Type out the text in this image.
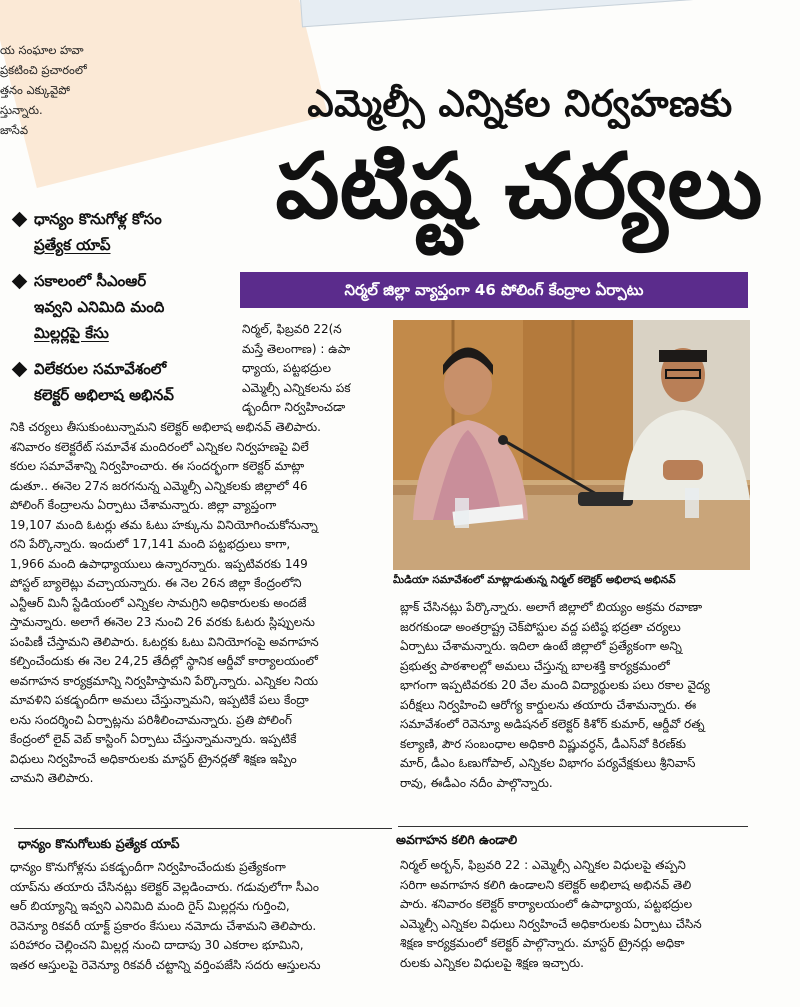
య సంఘాల హవా
ప్రకటించి ప్రచారంలో
త్తనం ఎక్కువైపో
స్తున్నారు.
జాసేవ
ఎమ్మెల్సీ ఎన్నికల నిర్వహణకు
పటిష్ట చర్యలు
ధాన్యం కొనుగోళ్ల కోసం
ప్రత్యేక యాప్
సకాలంలో సీఎంఆర్
ఇవ్వని ఎనిమిది మంది
మిల్లర్లపై కేసు
విలేకరుల సమావేశంలో
కలెక్టర్ అభిలాష అభినవ్
నిర్మల్ జిల్లా వ్యాప్తంగా 46 పోలింగ్ కేంద్రాల ఏర్పాటు
నిర్మల్, ఫిబ్రవరి 22(న
మస్తే తెలంగాణ) : ఉపా
ధ్యాయ, పట్టభద్రుల
ఎమ్మెల్సీ ఎన్నికలను పక
డ్బందీగా నిర్వహించడా
మీడియా సమావేశంలో మాట్లాడుతున్న నిర్మల్ కలెక్టర్ అభిలాష అభినవ్
నికి చర్యలు తీసుకుంటున్నామని కలెక్టర్ అభిలాష అభినవ్ తెలిపారు.
శనివారం కలెక్టరేట్ సమావేశ మందిరంలో ఎన్నికల నిర్వహణపై విలే
కరుల సమావేశాన్ని నిర్వహించారు. ఈ సందర్భంగా కలెక్టర్ మాట్లా
డుతూ.. ఈనెల 27న జరగనున్న ఎమ్మెల్సీ ఎన్నికలకు జిల్లాలో 46
పోలింగ్ కేంద్రాలను ఏర్పాటు చేశామన్నారు. జిల్లా వ్యాప్తంగా
19,107 మంది ఓటర్లు తమ ఓటు హక్కును వినియోగించుకోనున్నా
రని పేర్కొన్నారు. ఇందులో 17,141 మంది పట్టభద్రులు కాగా,
1,966 మంది ఉపాధ్యాయులు ఉన్నారన్నారు. ఇప్పటివరకు 149
పోస్టల్ బ్యాలెట్లు వచ్చాయన్నారు. ఈ నెల 26న జిల్లా కేంద్రంలోని
ఎన్టీఆర్ మినీ స్టేడియంలో ఎన్నికల సామగ్రిని అధికారులకు అందజే
స్తామన్నారు. అలాగే ఈనెల 23 నుంచి 26 వరకు ఓటరు స్లిప్పులను
పంపిణీ చేస్తామని తెలిపారు. ఓటర్లకు ఓటు వినియోగంపై అవగాహన
కల్పించేందుకు ఈ నెల 24,25 తేదీల్లో స్థానిక ఆర్డీవో కార్యాలయంలో
అవగాహన కార్యక్రమాన్ని నిర్వహిస్తామని పేర్కొన్నారు. ఎన్నికల నియ
మావళిని పకడ్బందీగా అమలు చేస్తున్నామని, ఇప్పటికే పలు కేంద్రా
లను సందర్శించి ఏర్పాట్లను పరిశీలించామన్నారు. ప్రతి పోలింగ్
కేంద్రంలో లైవ్ వెబ్ కాస్టింగ్ ఏర్పాటు చేస్తున్నామన్నారు. ఇప్పటికే
విధులు నిర్వహించే అధికారులకు మాస్టర్ ట్రైనర్లతో శిక్షణ ఇప్పిం
చామని తెలిపారు.
బ్లాక్ చేసినట్లు పేర్కొన్నారు. అలాగే జిల్లాలో బియ్యం అక్రమ రవాణా
జరగకుండా అంతర్రాష్ట్ర చెక్‌పోస్టుల వద్ద పటిష్ఠ భద్రతా చర్యలు
ఏర్పాటు చేశామన్నారు. ఇదిలా ఉంటే జిల్లాలో ప్రత్యేకంగా అన్ని
ప్రభుత్వ పాఠశాలల్లో అమలు చేస్తున్న బాలశక్తి కార్యక్రమంలో
భాగంగా ఇప్పటివరకు 20 వేల మంది విద్యార్థులకు పలు రకాల వైద్య
పరీక్షలు నిర్వహించి ఆరోగ్య కార్డులను తయారు చేశామన్నారు. ఈ
సమావేశంలో రెవెన్యూ అడిషనల్ కలెక్టర్ కిశోర్ కుమార్, ఆర్డీవో రత్న
కల్యాణి, పౌర సంబంధాల అధికారి విష్ణువర్ధన్, డీఎస్‌వో కిరణ్‌కు
మార్, డీఎం ఓణుగోపాల్, ఎన్నికల విభాగం పర్యవేక్షకులు శ్రీనివాస్
రావు, ఈడీఎం నదీం పాల్గొన్నారు.
ధాన్యం కొనుగోలుకు ప్రత్యేక యాప్	అవగాహన కలిగి ఉండాలి
ధాన్యం కొనుగోళ్లను పకడ్బందీగా నిర్వహించేందుకు ప్రత్యేకంగా
యాప్‌ను తయారు చేసినట్లు కలెక్టర్ వెల్లడించారు. గడువులోగా సీఎం
ఆర్ బియ్యాన్ని ఇవ్వని ఎనిమిది మంది రైస్ మిల్లర్లను గుర్తించి,
రెవెన్యూ రికవరీ యాక్ట్ ప్రకారం కేసులు నమోదు చేశామని తెలిపారు.
పరిహారం చెల్లించని మిల్లర్ల నుంచి దాదాపు 30 ఎకరాల భూమిని,
ఇతర ఆస్తులపై రెవెన్యూ రికవరీ చట్టాన్ని వర్తింపజేసి సదరు ఆస్తులను
నిర్మల్ అర్బన్, ఫిబ్రవరి 22 : ఎమ్మెల్సీ ఎన్నికల విధులపై తప్పని
సరిగా అవగాహన కలిగి ఉండాలని కలెక్టర్ అభిలాష అభినవ్ తెలి
పారు. శనివారం కలెక్టర్ కార్యాలయంలో ఉపాధ్యాయ, పట్టభద్రుల
ఎమ్మెల్సీ ఎన్నికల విధులు నిర్వహించే అధికారులకు ఏర్పాటు చేసిన
శిక్షణ కార్యక్రమంలో కలెక్టర్ పాల్గొన్నారు. మాస్టర్ ట్రైనర్లు అధికా
రులకు ఎన్నికల విధులపై శిక్షణ ఇచ్చారు.
